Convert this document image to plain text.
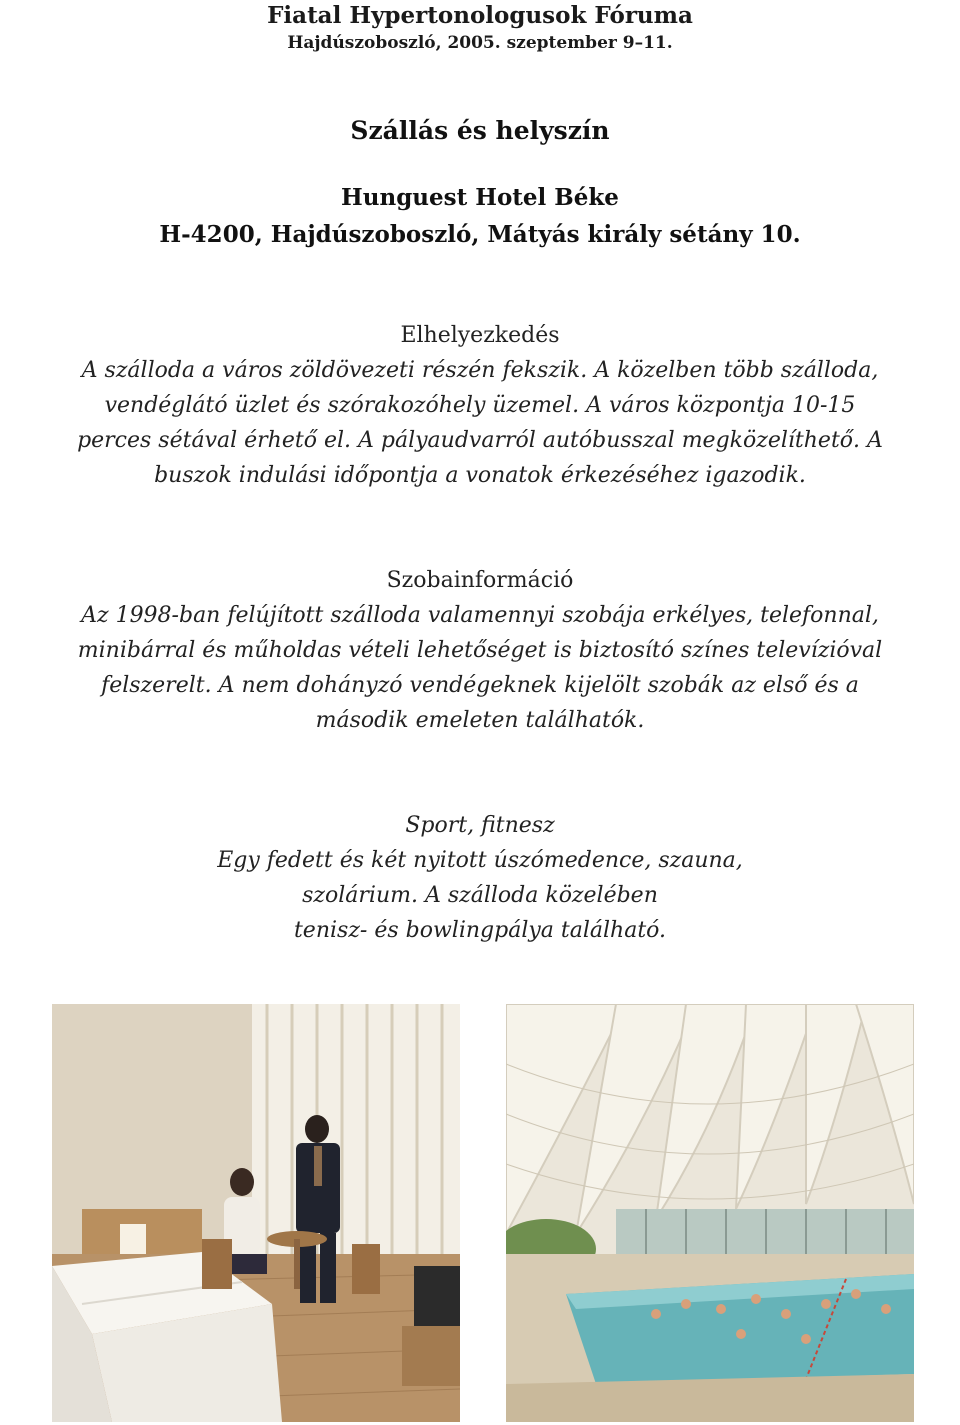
Fiatal Hypertonologusok Fóruma
Hajdúszoboszló, 2005. szeptember 9–11.
Szállás és helyszín
Hunguest Hotel Béke
H-4200, Hajdúszoboszló, Mátyás király sétány 10.
Elhelyezkedés
A szálloda a város zöldövezeti részén fekszik. A közelben több szálloda,
vendéglátó üzlet és szórakozóhely üzemel. A város központja 10-15
perces sétával érhető el. A pályaudvarról autóbusszal megközelíthető. A
buszok indulási időpontja a vonatok érkezéséhez igazodik.
Szobainformáció
Az 1998-ban felújított szálloda valamennyi szobája erkélyes, telefonnal,
minibárral és műholdas vételi lehetőséget is biztosító színes televízióval
felszerelt. A nem dohányzó vendégeknek kijelölt szobák az első és a
második emeleten találhatók.
Sport, fitnesz
Egy fedett és két nyitott úszómedence, szauna,
szolárium. A szálloda közelében
tenisz- és bowlingpálya található.
